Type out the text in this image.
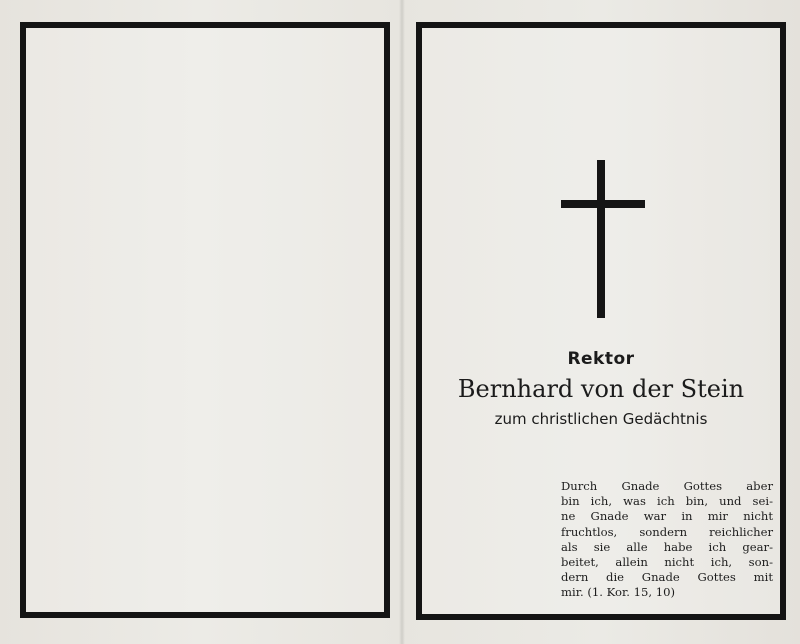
Rektor
Bernhard von der Stein
zum christlichen Gedächtnis
Durch Gnade Gottes aber
bin ich, was ich bin, und sei-
ne Gnade war in mir nicht
fruchtlos, sondern reichlicher
als sie alle habe ich gear-
beitet, allein nicht ich, son-
dern die Gnade Gottes mit
mir. (1. Kor. 15, 10)
